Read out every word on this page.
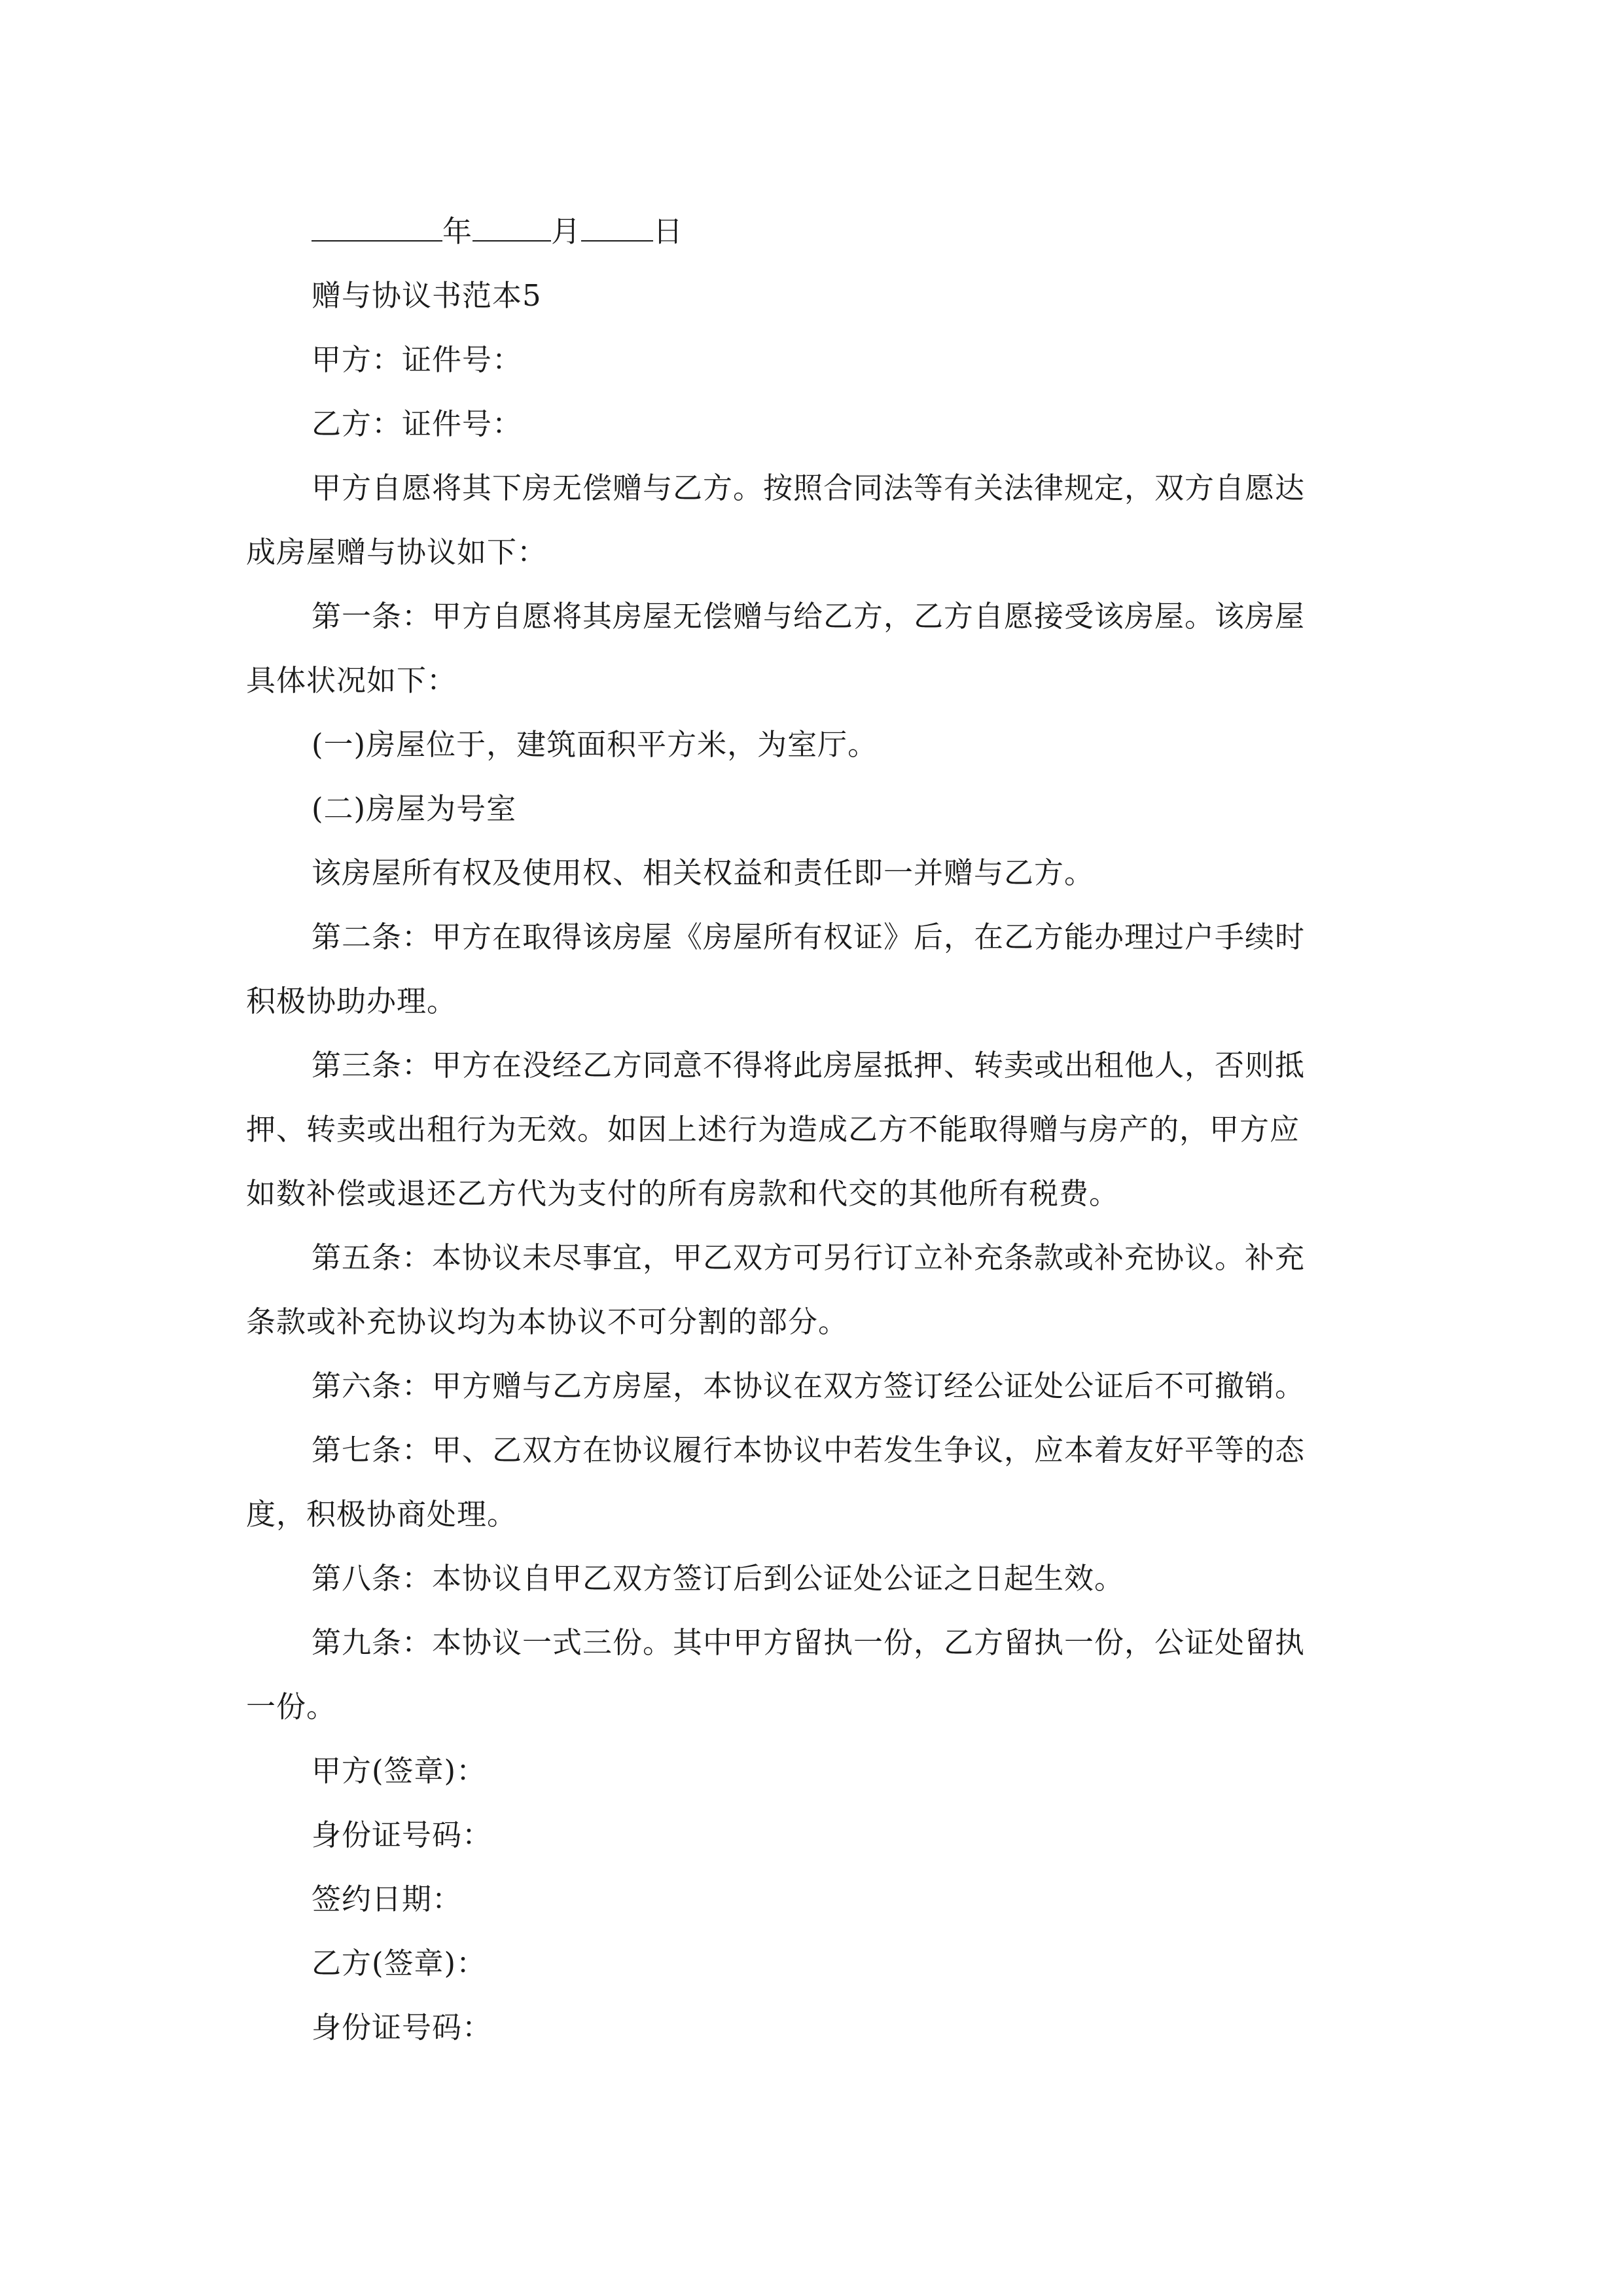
年	月 日
赠与协议书范本5
甲方：证件号：
乙方：证件号：
甲方自愿将其下房无偿赠与乙方。按照合同法等有关法律规定，双方自愿达
成房屋赠与协议如下：
第一条：甲方自愿将其房屋无偿赠与给乙方，乙方自愿接受该房屋。该房屋
具体状况如下：
(一)房屋位于，建筑面积平方米，为室厅。
(二)房屋为号室
该房屋所有权及使用权、相关权益和责任即一并赠与乙方。
第二条：甲方在取得该房屋《房屋所有权证》后，在乙方能办理过户手续时
积极协助办理。
第三条：甲方在没经乙方同意不得将此房屋抵押、转卖或出租他人，否则抵
押、转卖或出租行为无效。如因上述行为造成乙方不能取得赠与房产的，甲方应
如数补偿或退还乙方代为支付的所有房款和代交的其他所有税费。
第五条：本协议未尽事宜，甲乙双方可另行订立补充条款或补充协议。补充
条款或补充协议均为本协议不可分割的部分。
第六条：甲方赠与乙方房屋，本协议在双方签订经公证处公证后不可撤销。
第七条：甲、乙双方在协议履行本协议中若发生争议，应本着友好平等的态
度，积极协商处理。
第八条：本协议自甲乙双方签订后到公证处公证之日起生效。
第九条：本协议一式三份。其中甲方留执一份，乙方留执一份，公证处留执
一份。
甲方(签章)：
身份证号码：
签约日期：
乙方(签章)：
身份证号码：
